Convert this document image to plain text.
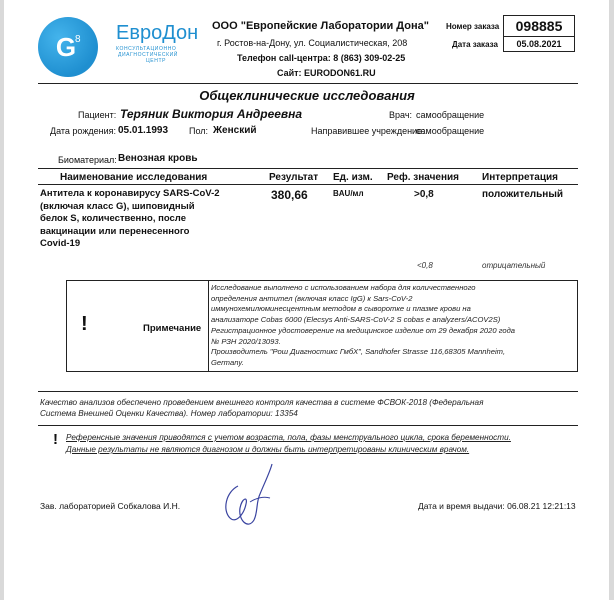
G
8 ЕвроДон
КОНСУЛЬТАЦИОННО
ДИАГНОСТИЧЕСКИЙ
ЦЕНТР
ООО "Европейские Лаборатории Дона"
г. Ростов-на-Дону, ул. Социалистическая, 208
Телефон call-центра: 8 (863) 309-02-25
Сайт: EURODON61.RU
Номер заказа	098885
Дата заказа	05.08.2021
Общеклинические исследования
Пациент: Теряник Виктория Андреевна	Врач: самообращение
Дата рождения: 05.01.1993 Пол: Женский	Направившее учреждение:
самообращение
Биоматериал: Венозная кровь
Наименование исследования	Результат Ед. изм. Реф. значения Интерпретация
Антитела к коронавирусу SARS-CoV-2
(включая класс G), шиповидный
белок S, количественно, после
вакцинации или перенесенного
Covid-19
380,66	BAU/мл	>0,8	положительный
<0,8	отрицательный
!	Примечание
Исследование выполнено с использованием набора для количественного
определения антител (включая класс IgG) к Sars-CoV-2
иммунохемилюминесцентным методом в сыворотке и плазме крови на
анализаторе Cobas 6000 (Elecsys Anti-SARS-CoV-2 S cobas e analyzers/ACOV2S)
Регистрационное удостоверение на медицинское изделие от 29 декабря 2020 года
№ РЗН 2020/13093.
Производитель "Рош Диагностикс ГмбХ", Sandhofer Strasse 116,68305 Mannheim,
Germany.
Качество анализов обеспечено проведением внешнего контроля качества в системе ФСВОК-2018 (Федеральная
Система Внешней Оценки Качества). Номер лаборатории: 13354
! Референсные значения приводятся с учетом возраста, пола, фазы менструального цикла, срока беременности.
Данные результаты не являются диагнозом и должны быть интерпретированы клиническим врачом.
Зав. лабораторией Собкалова И.Н.	Дата и время выдачи: 06.08.21 12:21:13
